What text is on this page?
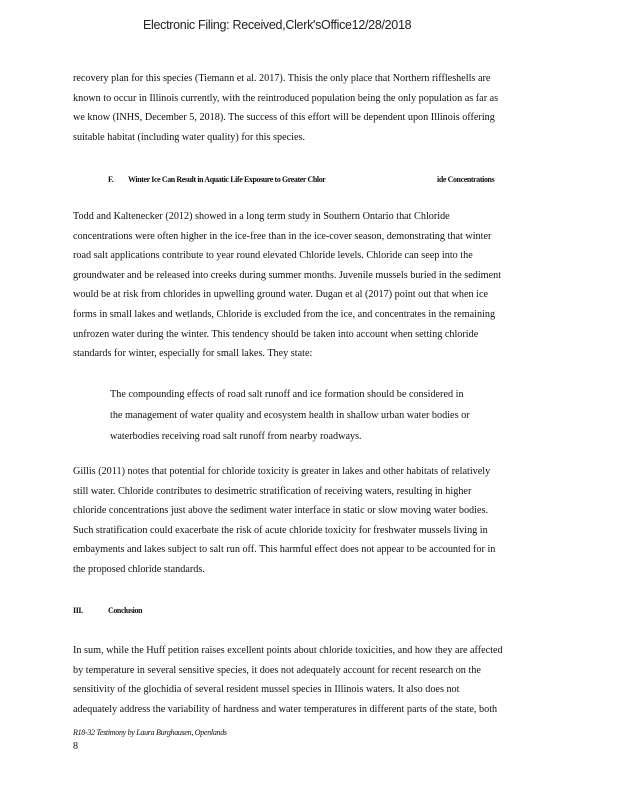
Electronic Filing: Received,Clerk'sOffice12/28/2018
recovery plan for this species (Tiemann et al. 2017). Thisis the only place that Northern riffleshells are
known to occur in Illinois currently, with the reintroduced population being the only population as far as
we know (INHS, December 5, 2018). The success of this effort will be dependent upon Illinois offering
suitable habitat (including water quality) for this species.
F. Winter Ice Can Result in Aquatic Life Exposure to Greater Chlor	ide Concentrations
Todd and Kaltenecker (2012) showed in a long term study in Southern Ontario that Chloride
concentrations were often higher in the ice-free than in the ice-cover season, demonstrating that winter
road salt applications contribute to year round elevated Chloride levels. Chloride can seep into the
groundwater and be released into creeks during summer months. Juvenile mussels buried in the sediment
would be at risk from chlorides in upwelling ground water. Dugan et al (2017) point out that when ice
forms in small lakes and wetlands, Chloride is excluded from the ice, and concentrates in the remaining
unfrozen water during the winter. This tendency should be taken into account when setting chloride
standards for winter, especially for small lakes. They state:
The compounding effects of road salt runoff and ice formation should be considered in
the management of water quality and ecosystem health in shallow urban water bodies or
waterbodies receiving road salt runoff from nearby roadways.
Gillis (2011) notes that potential for chloride toxicity is greater in lakes and other habitats of relatively
still water. Chloride contributes to desimetric stratification of receiving waters, resulting in higher
chloride concentrations just above the sediment water interface in static or slow moving water bodies.
Such stratification could exacerbate the risk of acute chloride toxicity for freshwater mussels living in
embayments and lakes subject to salt run off. This harmful effect does not appear to be accounted for in
the proposed chloride standards.
III.	Conclusion
In sum, while the Huff petition raises excellent points about chloride toxicities, and how they are affected
by temperature in several sensitive species, it does not adequately account for recent research on the
sensitivity of the glochidia of several resident mussel species in Illinois waters. It also does not
adequately address the variability of hardness and water temperatures in different parts of the state, both
R18-32 Testimony by Laura Burghausen, Openlands
8
